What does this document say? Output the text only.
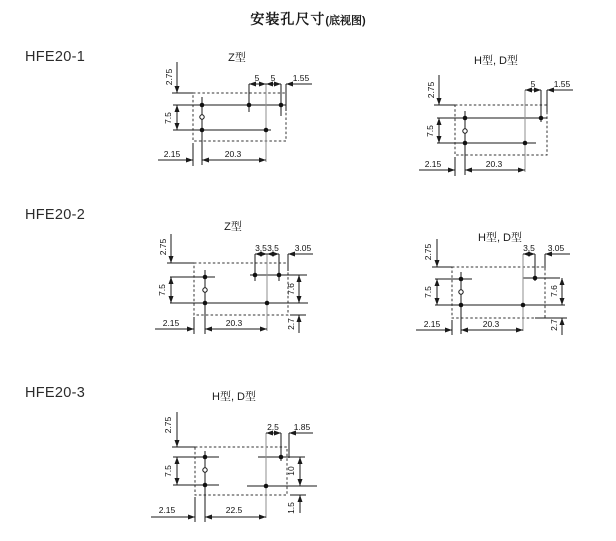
安装孔尺寸(底视图)
HFE20-1
HFE20-2
HFE20-3
Z型
5 5 1.55
2.75
7.5
2.15	20.3
H型, D型
5 1.55
2.75
7.5
2.15	20.3
Z型
3.5 3.5 3.05
2.75
7.5	7.6
2.7
2.15	20.3
H型, D型
3.5 3.05
2.75
7.5	7.6
2.7
2.15	20.3
H型, D型
2.5 1.85
2.75
7.5	10
1.5
2.15	22.5
